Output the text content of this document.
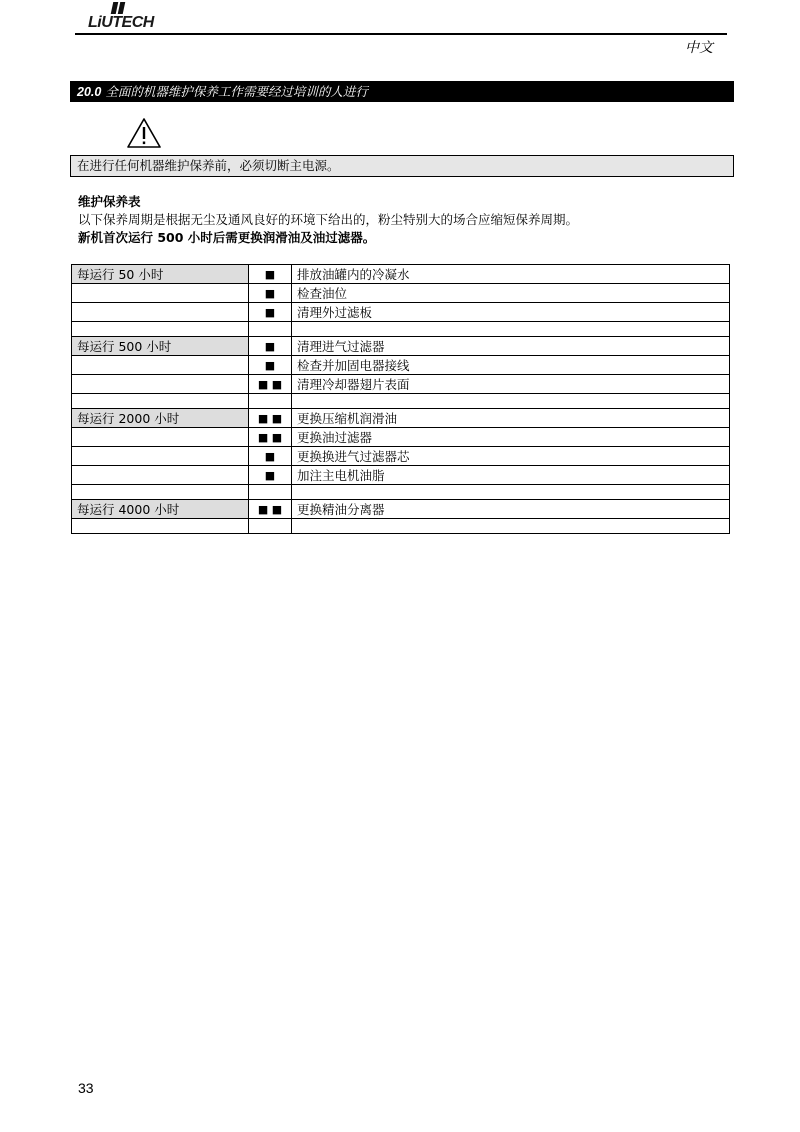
LiUTECH
中文
20.0 全面的机器维护保养工作需要经过培训的人进行
在进行任何机器维护保养前，必须切断主电源。
维护保养表
以下保养周期是根据无尘及通风良好的环境下给出的，粉尘特别大的场合应缩短保养周期。
新机首次运行 500 小时后需更换润滑油及油过滤器。
每运行 50 小时	■	排放油罐内的冷凝水
	■	检查油位
	■	清理外过滤板

每运行 500 小时	■	清理进气过滤器
	■	检查并加固电器接线
	■ ■	清理冷却器翅片表面

每运行 2000 小时	■ ■	更换压缩机润滑油
	■ ■	更换油过滤器
	■	更换换进气过滤器芯
	■	加注主电机油脂

每运行 4000 小时	■ ■	更换精油分离器

33
